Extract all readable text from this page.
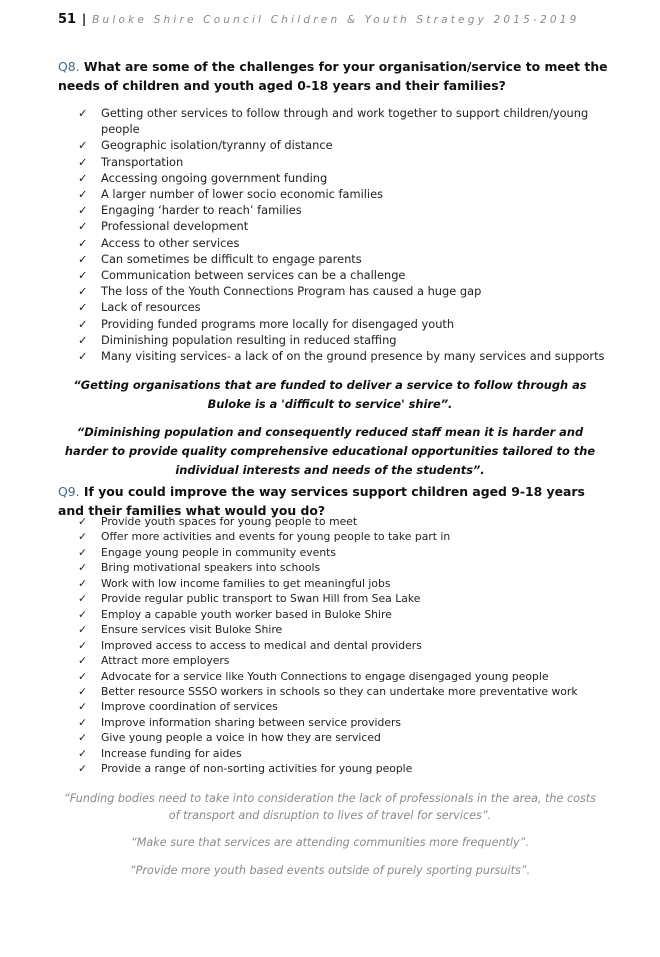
51 | Buloke Shire Council Children & Youth Strategy 2015-2019
Q8. What are some of the challenges for your organisation/service to meet the needs of children and youth aged 0-18 years and their families?
✓ Getting other services to follow through and work together to support children/young people
✓ Geographic isolation/tyranny of distance
✓ Transportation
✓ Accessing ongoing government funding
✓ A larger number of lower socio economic families
✓ Engaging ‘harder to reach’ families
✓ Professional development
✓ Access to other services
✓ Can sometimes be difficult to engage parents
✓ Communication between services can be a challenge
✓ The loss of the Youth Connections Program has caused a huge gap
✓ Lack of resources
✓ Providing funded programs more locally for disengaged youth
✓ Diminishing population resulting in reduced staffing
✓ Many visiting services- a lack of on the ground presence by many services and supports
“Getting organisations that are funded to deliver a service to follow through as Buloke is a 'difficult to service' shire”.
“Diminishing population and consequently reduced staff mean it is harder and harder to provide quality comprehensive educational opportunities tailored to the individual interests and needs of the students”.
Q9. If you could improve the way services support children aged 9-18 years and their families what would you do?
✓ Provide youth spaces for young people to meet
✓ Offer more activities and events for young people to take part in
✓ Engage young people in community events
✓ Bring motivational speakers into schools
✓ Work with low income families to get meaningful jobs
✓ Provide regular public transport to Swan Hill from Sea Lake
✓ Employ a capable youth worker based in Buloke Shire
✓ Ensure services visit Buloke Shire
✓ Improved access to access to medical and dental providers
✓ Attract more employers
✓ Advocate for a service like Youth Connections to engage disengaged young people
✓ Better resource SSSO workers in schools so they can undertake more preventative work
✓ Improve coordination of services
✓ Improve information sharing between service providers
✓ Give young people a voice in how they are serviced
✓ Increase funding for aides
✓ Provide a range of non-sorting activities for young people
“Funding bodies need to take into consideration the lack of professionals in the area, the costs of transport and disruption to lives of travel for services”.
“Make sure that services are attending communities more frequently”.
“Provide more youth based events outside of purely sporting pursuits”.
